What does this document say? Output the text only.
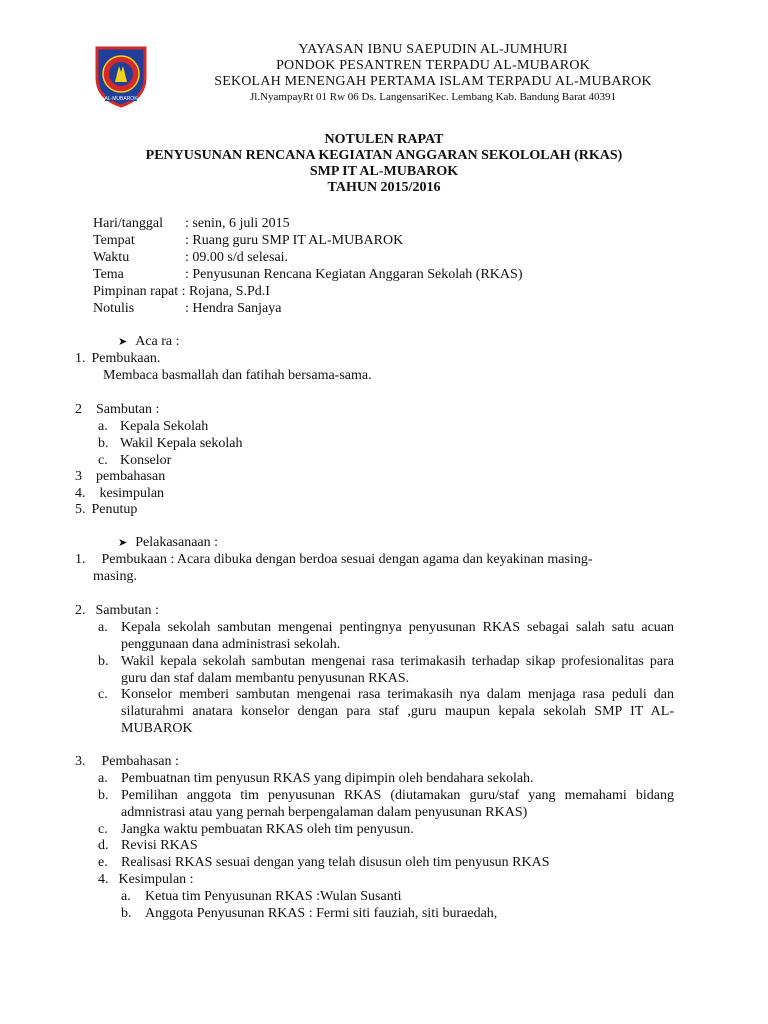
AL-MUBAROK
YAYASAN IBNU SAEPUDIN AL-JUMHURI
PONDOK PESANTREN TERPADU AL-MUBAROK
SEKOLAH MENENGAH PERTAMA ISLAM TERPADU AL-MUBAROK
Jl.NyampayRt 01 Rw 06 Ds. LangensariKec. Lembang Kab. Bandung Barat 40391
NOTULEN RAPAT
PENYUSUNAN RENCANA KEGIATAN ANGGARAN SEKOLOLAH (RKAS)
SMP IT AL-MUBAROK
TAHUN 2015/2016
Hari/tanggal : senin, 6 juli 2015
Tempat	: Ruang guru SMP IT AL-MUBAROK
Waktu	: 09.00 s/d selesai.
Tema	: Penyusunan Rencana Kegiatan Anggaran Sekolah (RKAS)
Pimpinan rapat : Rojana, S.Pd.I
Notulis	: Hendra Sanjaya
➤ Aca ra :
1. Pembukaan.
Membaca basmallah dan fatihah bersama-sama.
2 Sambutan :
a. Kepala Sekolah
b. Wakil Kepala sekolah
c. Konselor
3 pembahasan
4. kesimpulan
5. Penutup
➤ Pelakasanaan :
1. Pembukaan : Acara dibuka dengan berdoa sesuai dengan agama dan keyakinan masing-
masing.
2. Sambutan :
a. Kepala sekolah sambutan mengenai pentingnya penyusunan RKAS sebagai salah satu acuan penggunaan dana administrasi sekolah.
b. Wakil kepala sekolah sambutan mengenai rasa terimakasih terhadap sikap profesionalitas para guru dan staf dalam membantu penyusunan RKAS.
c. Konselor memberi sambutan mengenai rasa terimakasih nya dalam menjaga rasa peduli dan silaturahmi anatara konselor dengan para staf ,guru maupun kepala sekolah SMP IT AL-MUBAROK
3. Pembahasan :
a. Pembuatnan tim penyusun RKAS yang dipimpin oleh bendahara sekolah.
b. Pemilihan anggota tim penyusunan RKAS (diutamakan guru/staf yang memahami bidang admnistrasi atau yang pernah berpengalaman dalam penyusunan RKAS)
c. Jangka waktu pembuatan RKAS oleh tim penyusun.
d. Revisi RKAS
e. Realisasi RKAS sesuai dengan yang telah disusun oleh tim penyusun RKAS
4. Kesimpulan :
a. Ketua tim Penyusunan RKAS :Wulan Susanti
b. Anggota Penyusunan RKAS : Fermi siti fauziah, siti buraedah,
